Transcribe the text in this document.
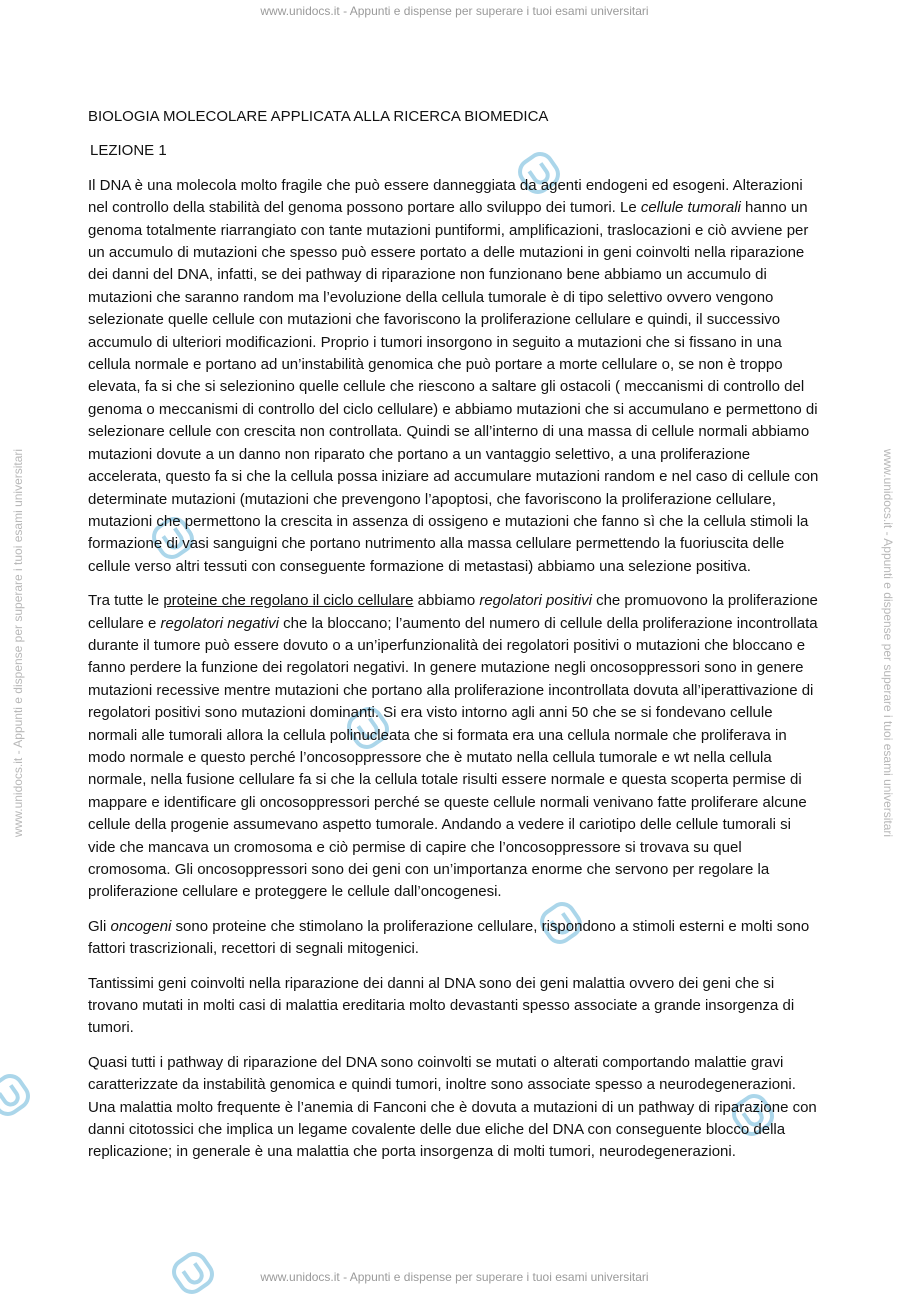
www.unidocs.it - Appunti e dispense per superare i tuoi esami universitari
www.unidocs.it - Appunti e dispense per superare i tuoi esami universitari	www.unidocs.it - Appunti e dispense per superare i tuoi esami universitari
BIOLOGIA MOLECOLARE APPLICATA ALLA RICERCA BIOMEDICA
LEZIONE 1

Il DNA è una molecola molto fragile che può essere danneggiata da agenti endogeni ed esogeni. Alterazioni nel controllo della stabilità del genoma possono portare allo sviluppo dei tumori. Le cellule tumorali hanno un genoma totalmente riarrangiato con tante mutazioni puntiformi, amplificazioni, traslocazioni e ciò avviene per un accumulo di mutazioni che spesso può essere portato a delle mutazioni in geni coinvolti nella riparazione dei danni del DNA, infatti, se dei pathway di riparazione non funzionano bene abbiamo un accumulo di mutazioni che saranno random ma l’evoluzione della cellula tumorale è di tipo selettivo ovvero vengono selezionate quelle cellule con mutazioni che favoriscono la proliferazione cellulare e quindi, il successivo accumulo di ulteriori modificazioni. Proprio i tumori insorgono in seguito a mutazioni che si fissano in una cellula normale e portano ad un’instabilità genomica che può portare a morte cellulare o, se non è troppo elevata, fa si che si selezionino quelle cellule che riescono a saltare gli ostacoli ( meccanismi di controllo del genoma o meccanismi di controllo del ciclo cellulare) e abbiamo mutazioni che si accumulano e permettono di selezionare cellule con crescita non controllata. Quindi se all’interno di una massa di cellule normali abbiamo mutazioni dovute a un danno non riparato che portano a un vantaggio selettivo, a una proliferazione accelerata, questo fa si che la cellula possa iniziare ad accumulare mutazioni random e nel caso di cellule con determinate mutazioni (mutazioni che prevengono l’apoptosi, che favoriscono la proliferazione cellulare, mutazioni che permettono la crescita in assenza di ossigeno e mutazioni che fanno sì che la cellula stimoli la formazione di vasi sanguigni che portano nutrimento alla massa cellulare permettendo la fuoriuscita delle cellule verso altri tessuti con conseguente formazione di metastasi) abbiamo una selezione positiva.

Tra tutte le proteine che regolano il ciclo cellulare abbiamo regolatori positivi che promuovono la proliferazione cellulare e regolatori negativi che la bloccano; l’aumento del numero di cellule della proliferazione incontrollata durante il tumore può essere dovuto o a un’iperfunzionalità dei regolatori positivi o mutazioni che bloccano e fanno perdere la funzione dei regolatori negativi. In genere mutazione negli oncosoppressori sono in genere mutazioni recessive mentre mutazioni che portano alla proliferazione incontrollata dovuta all’iperattivazione di regolatori positivi sono mutazioni dominanti. Si era visto intorno agli anni 50 che se si fondevano cellule normali alle tumorali allora la cellula polinucleata che si formata era una cellula normale che proliferava in modo normale e questo perché l’oncosoppressore che è mutato nella cellula tumorale e wt nella cellula normale, nella fusione cellulare fa si che la cellula totale risulti essere normale e questa scoperta permise di mappare e identificare gli oncosoppressori perché se queste cellule normali venivano fatte proliferare alcune cellule della progenie assumevano aspetto tumorale. Andando a vedere il cariotipo delle cellule tumorali si vide che mancava un cromosoma e ciò permise di capire che l’oncosoppressore si trovava su quel cromosoma. Gli oncosoppressori sono dei geni con un’importanza enorme che servono per regolare la proliferazione cellulare e proteggere le cellule dall’oncogenesi.

Gli oncogeni sono proteine che stimolano la proliferazione cellulare, rispondono a stimoli esterni e molti sono fattori trascrizionali, recettori di segnali mitogenici.

Tantissimi geni coinvolti nella riparazione dei danni al DNA sono dei geni malattia ovvero dei geni che si trovano mutati in molti casi di malattia ereditaria molto devastanti spesso associate a grande insorgenza di tumori.

Quasi tutti i pathway di riparazione del DNA sono coinvolti se mutati o alterati comportando malattie gravi caratterizzate da instabilità genomica e quindi tumori, inoltre sono associate spesso a neurodegenerazioni. Una malattia molto frequente è l’anemia di Fanconi che è dovuta a mutazioni di un pathway di riparazione con danni citotossici che implica un legame covalente delle due eliche del DNA con conseguente blocco della replicazione; in generale è una malattia che porta insorgenza di molti tumori, neurodegenerazioni.

www.unidocs.it - Appunti e dispense per superare i tuoi esami universitari
